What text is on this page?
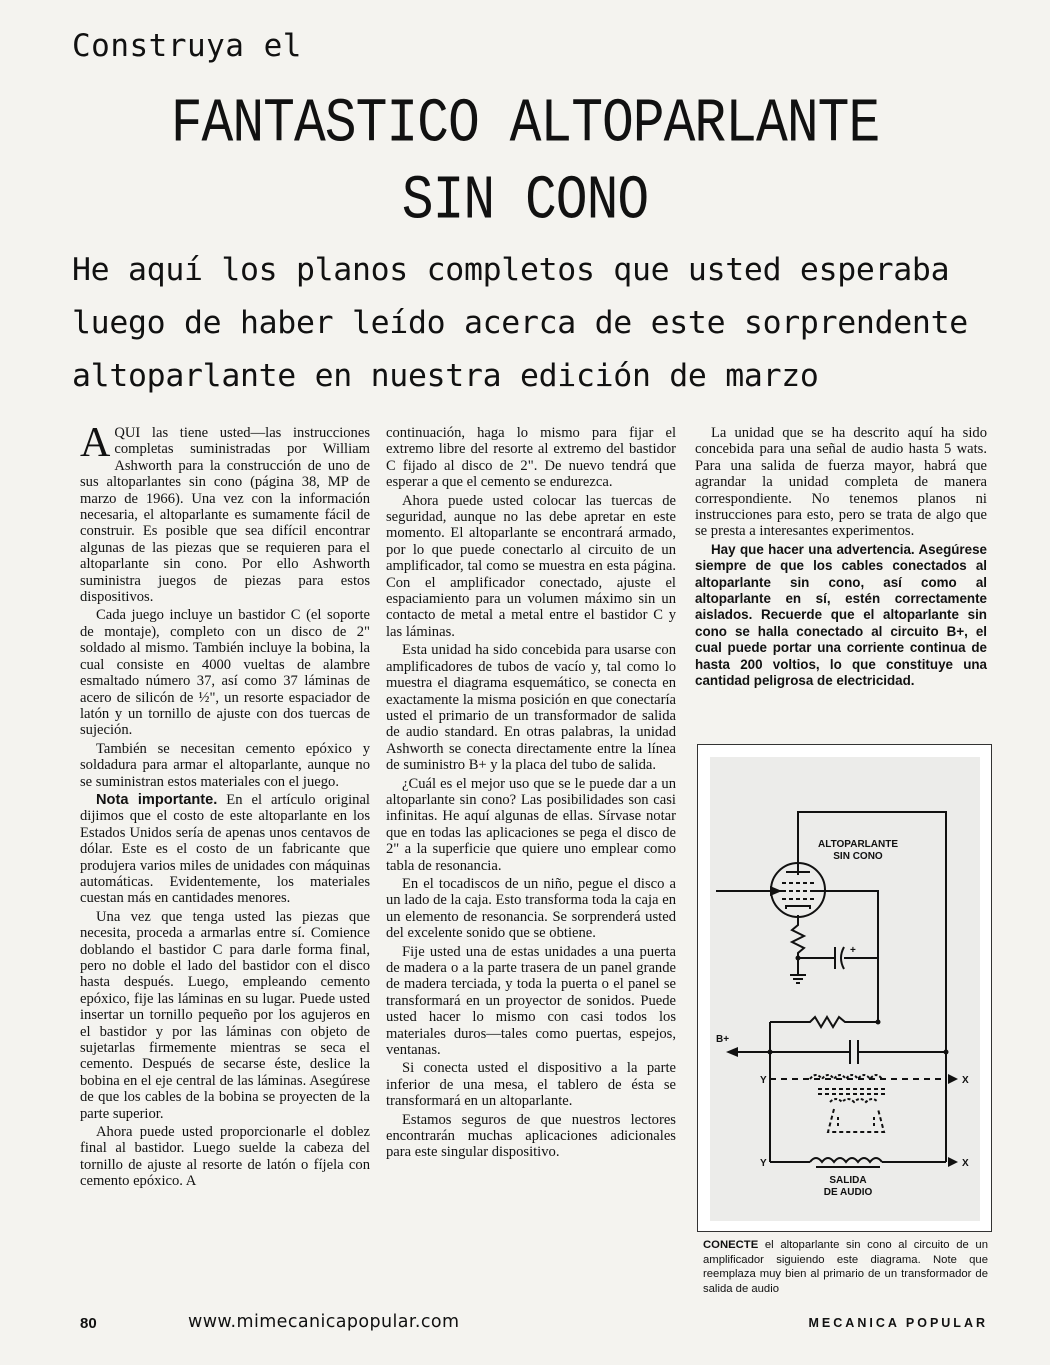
Construya el
FANTASTICO ALTOPARLANTE
SIN CONO

He aquí los planos completos que usted esperaba luego de haber leído acerca de este sorprendente altoparlante en nuestra edición de marzo

AQUI las tiene usted—las instrucciones completas suministradas por William Ashworth para la construcción de uno de sus altoparlantes sin cono (página 38, MP de marzo de 1966). Una vez con la información necesaria, el altoparlante es sumamente fácil de construir. Es posible que sea difícil encontrar algunas de las piezas que se requieren para el altoparlante sin cono. Por ello Ashworth suministra juegos de piezas para estos dispositivos.

Cada juego incluye un bastidor C (el soporte de montaje), completo con un disco de 2" soldado al mismo. También incluye la bobina, la cual consiste en 4000 vueltas de alambre esmaltado número 37, así como 37 láminas de acero de silicón de ½", un resorte espaciador de latón y un tornillo de ajuste con dos tuercas de sujeción.

También se necesitan cemento epóxico y soldadura para armar el altoparlante, aunque no se suministran estos materiales con el juego.

Nota importante. En el artículo original dijimos que el costo de este altoparlante en los Estados Unidos sería de apenas unos centavos de dólar. Este es el costo de un fabricante que produjera varios miles de unidades con máquinas automáticas. Evidentemente, los materiales cuestan más en cantidades menores.

Una vez que tenga usted las piezas que necesita, proceda a armarlas entre sí. Comience doblando el bastidor C para darle forma final, pero no doble el lado del bastidor con el disco hasta después. Luego, empleando cemento epóxico, fije las láminas en su lugar. Puede usted insertar un tornillo pequeño por los agujeros en el bastidor y por las láminas con objeto de sujetarlas firmemente mientras se seca el cemento. Después de secarse éste, deslice la bobina en el eje central de las láminas. Asegúrese de que los cables de la bobina se proyecten de la parte superior.

Ahora puede usted proporcionarle el doblez final al bastidor. Luego suelde la cabeza del tornillo de ajuste al resorte de latón o fíjela con cemento epóxico. A

continuación, haga lo mismo para fijar el extremo libre del resorte al extremo del bastidor C fijado al disco de 2". De nuevo tendrá que esperar a que el cemento se endurezca.

Ahora puede usted colocar las tuercas de seguridad, aunque no las debe apretar en este momento. El altoparlante se encontrará armado, por lo que puede conectarlo al circuito de un amplificador, tal como se muestra en esta página. Con el amplificador conectado, ajuste el espaciamiento para un volumen máximo sin un contacto de metal a metal entre el bastidor C y las láminas.

Esta unidad ha sido concebida para usarse con amplificadores de tubos de vacío y, tal como lo muestra el diagrama esquemático, se conecta en exactamente la misma posición en que conectaría usted el primario de un transformador de salida de audio standard. En otras palabras, la unidad Ashworth se conecta directamente entre la línea de suministro B+ y la placa del tubo de salida.

¿Cuál es el mejor uso que se le puede dar a un altoparlante sin cono? Las posibilidades son casi infinitas. He aquí algunas de ellas. Sírvase notar que en todas las aplicaciones se pega el disco de 2" a la superficie que quiere uno emplear como tabla de resonancia.

En el tocadiscos de un niño, pegue el disco a un lado de la caja. Esto transforma toda la caja en un elemento de resonancia. Se sorprenderá usted del excelente sonido que se obtiene.

Fije usted una de estas unidades a una puerta de madera o a la parte trasera de un panel grande de madera terciada, y toda la puerta o el panel se transformará en un proyector de sonidos. Puede usted hacer lo mismo con casi todos los materiales duros—tales como puertas, espejos, ventanas.

Si conecta usted el dispositivo a la parte inferior de una mesa, el tablero de ésta se transformará en un altoparlante.

Estamos seguros de que nuestros lectores encontrarán muchas aplicaciones adicionales para este singular dispositivo.

La unidad que se ha descrito aquí ha sido concebida para una señal de audio hasta 5 wats. Para una salida de fuerza mayor, habrá que agrandar la unidad completa de manera correspondiente. No tenemos planos ni instrucciones para esto, pero se trata de algo que se presta a interesantes experimentos.

Hay que hacer una advertencia. Asegúrese siempre de que los cables conectados al altoparlante sin cono, así como al altoparlante en sí, estén correctamente aislados. Recuerde que el altoparlante sin cono se halla conectado al circuito B+, el cual puede portar una corriente continua de hasta 200 voltios, lo que constituye una cantidad peligrosa de electricidad.

ALTOPARLANTE
SIN CONO
+
B+
Y	X
Y	X
SALIDA
DE AUDIO

CONECTE el altoparlante sin cono al circuito de un amplificador siguiendo este diagrama. Note que reemplaza muy bien al primario de un transformador de salida de audio

80	www.mimecanicapopular.com	MECANICA POPULAR
